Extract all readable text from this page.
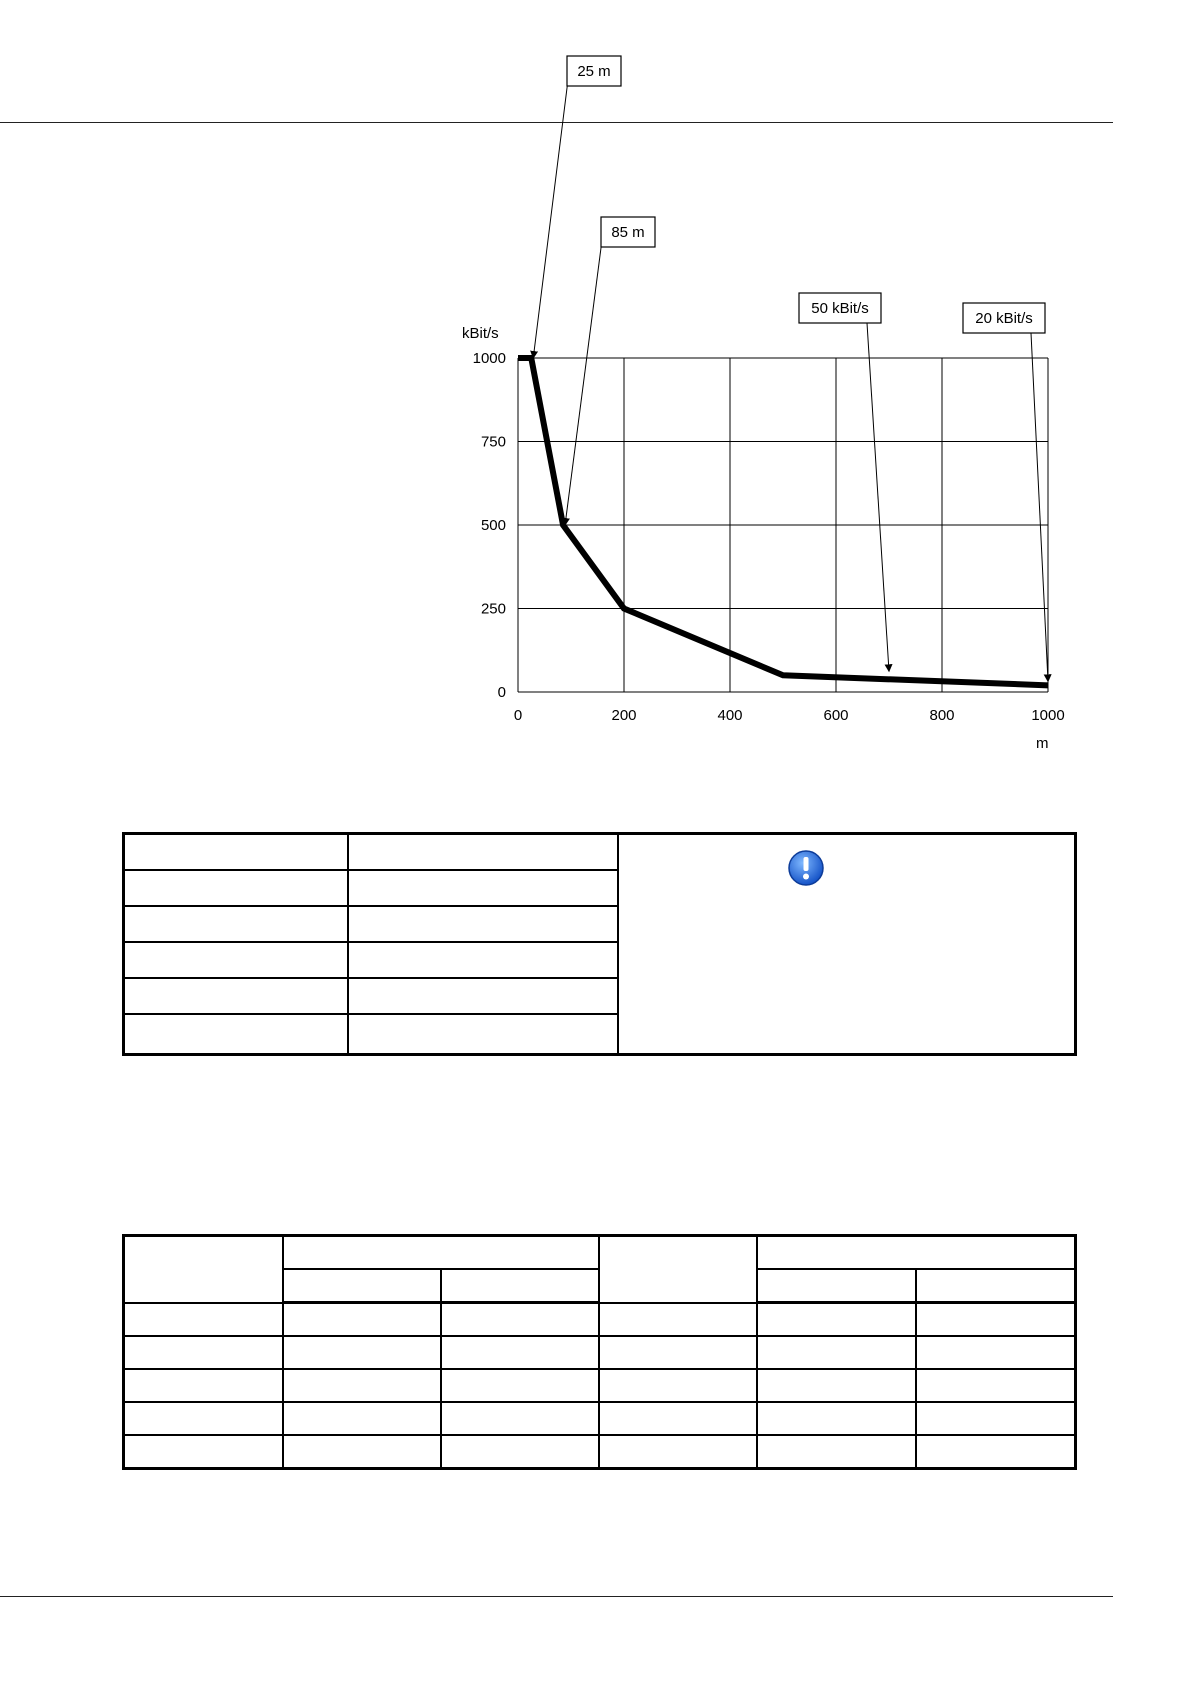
0	200	400	600	800	1000
0
250
500
750
1000
kBit/s
m
25 m
85 m
50 kBit/s
20 kBit/s
